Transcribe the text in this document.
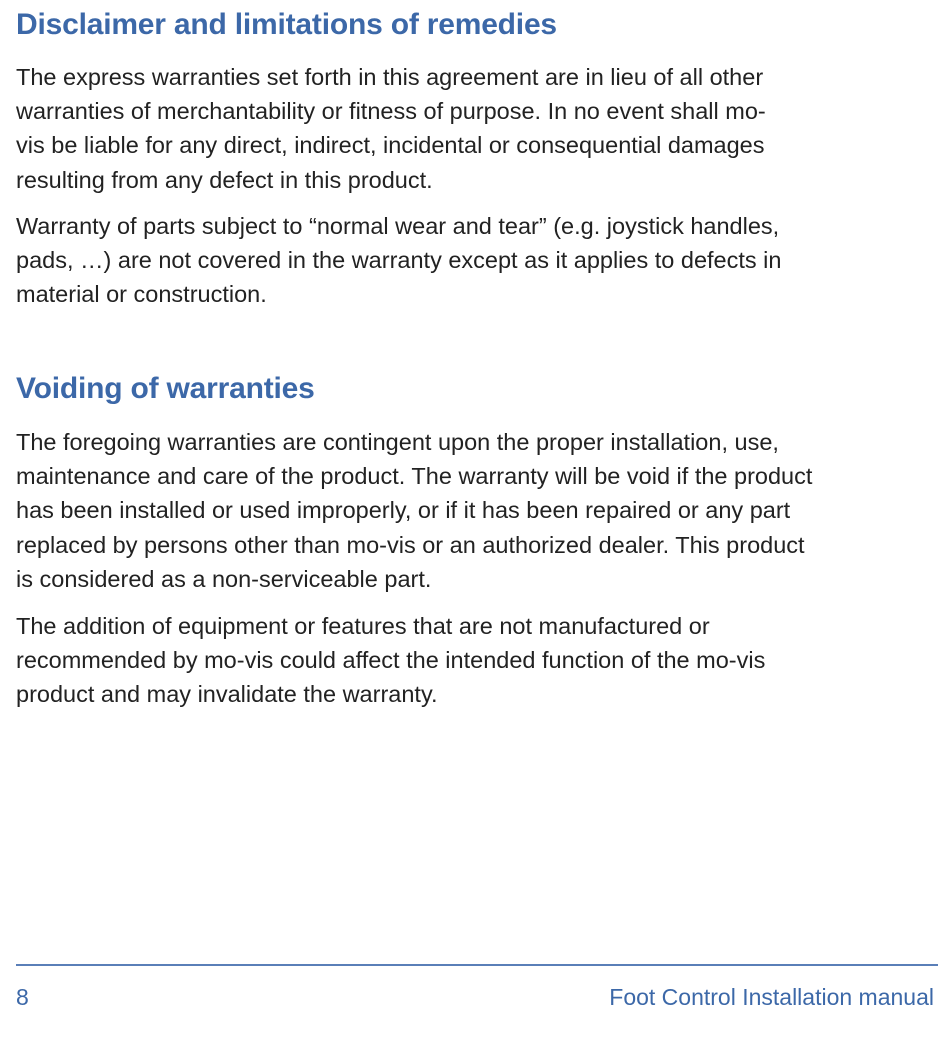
Disclaimer and limitations of remedies

The express warranties set forth in this agreement are in lieu of all other
warranties of merchantability or fitness of purpose. In no event shall mo-
vis be liable for any direct, indirect, incidental or consequential damages
resulting from any defect in this product.

Warranty of parts subject to “normal wear and tear” (e.g. joystick handles,
pads, …) are not covered in the warranty except as it applies to defects in
material or construction.

Voiding of warranties

The foregoing warranties are contingent upon the proper installation, use,
maintenance and care of the product. The warranty will be void if the product
has been installed or used improperly, or if it has been repaired or any part
replaced by persons other than mo-vis or an authorized dealer. This product
is considered as a non-serviceable part.

The addition of equipment or features that are not manufactured or
recommended by mo-vis could affect the intended function of the mo-vis
product and may invalidate the warranty.

8	Foot Control Installation manual
